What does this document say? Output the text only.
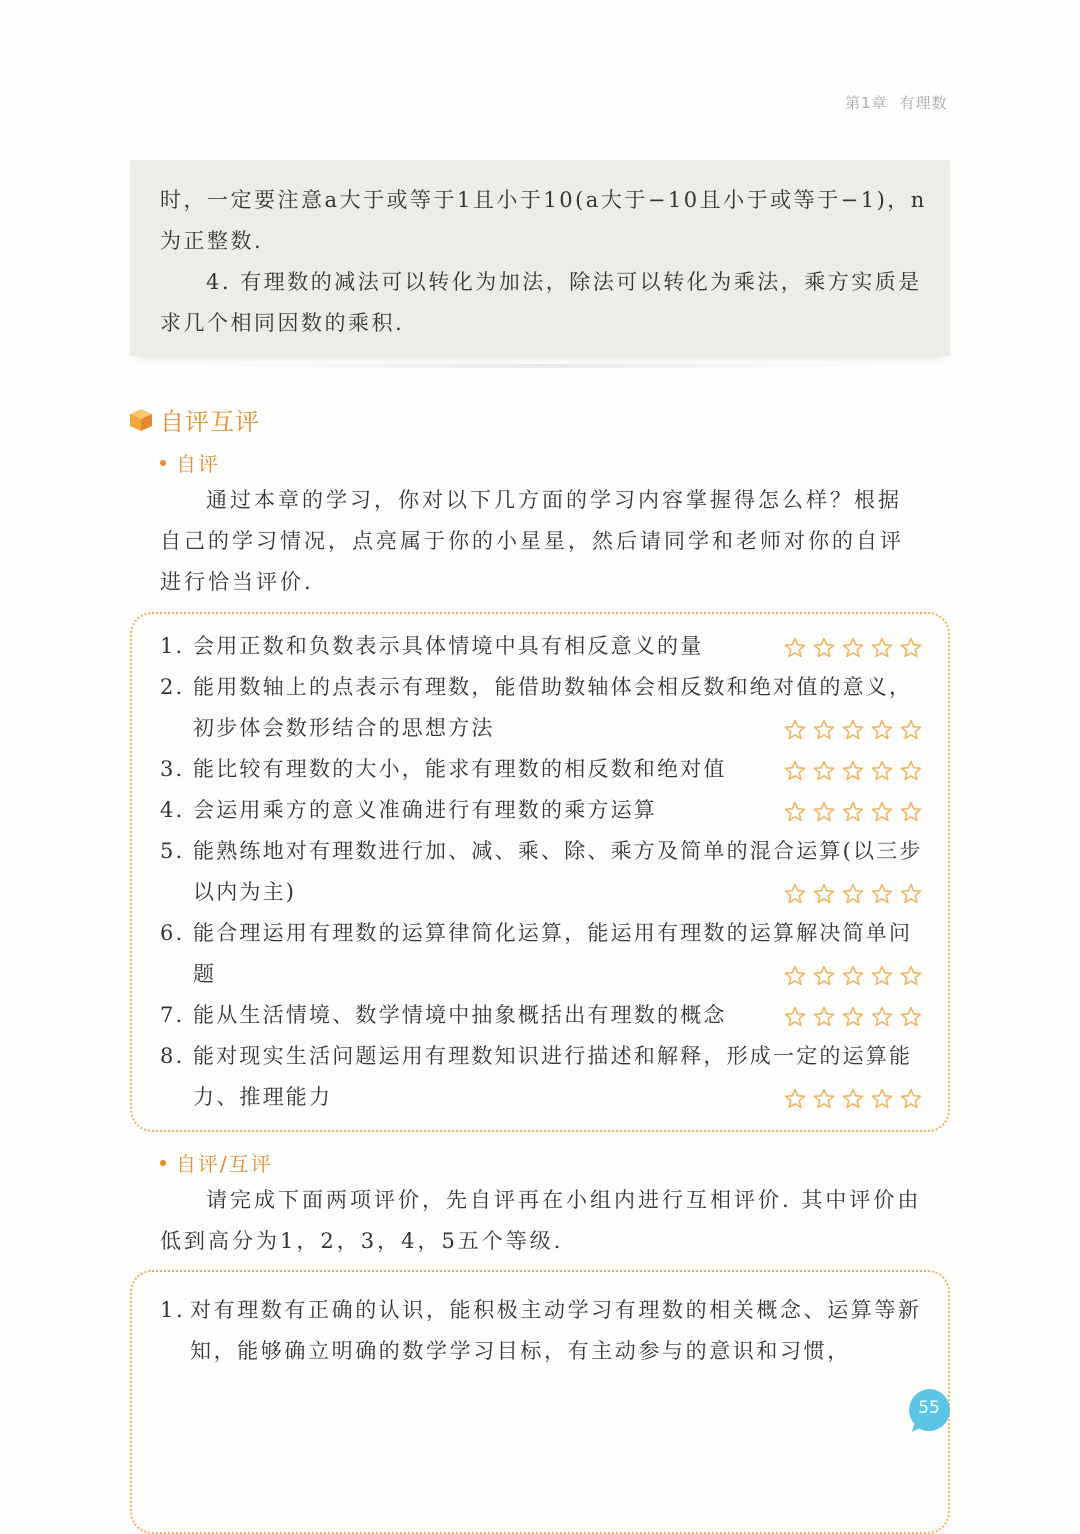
第1章 有理数

时，一定要注意a大于或等于1且小于10(a大于−10且小于或等于−1)，n为正整数.

4. 有理数的减法可以转化为加法，除法可以转化为乘法，乘方实质是求几个相同因数的乘积.

自评互评
自评

通过本章的学习，你对以下几方面的学习内容掌握得怎么样？根据自己的学习情况，点亮属于你的小星星，然后请同学和老师对你的自评进行恰当评价.

1. 会用正数和负数表示具体情境中具有相反意义的量
2. 能用数轴上的点表示有理数，能借助数轴体会相反数和绝对值的意义，初步体会数形结合的思想方法
3. 能比较有理数的大小，能求有理数的相反数和绝对值
4. 会运用乘方的意义准确进行有理数的乘方运算
5. 能熟练地对有理数进行加、减、乘、除、乘方及简单的混合运算(以三步以内为主)
6. 能合理运用有理数的运算律简化运算，能运用有理数的运算解决简单问题
7. 能从生活情境、数学情境中抽象概括出有理数的概念
8. 能对现实生活问题运用有理数知识进行描述和解释，形成一定的运算能力、推理能力
自评/互评

请完成下面两项评价，先自评再在小组内进行互相评价. 其中评价由低到高分为1，2，3，4，5五个等级.

1. 对有理数有正确的认识，能积极主动学习有理数的相关概念、运算等新知，能够确立明确的数学学习目标，有主动参与的意识和习惯，
55
